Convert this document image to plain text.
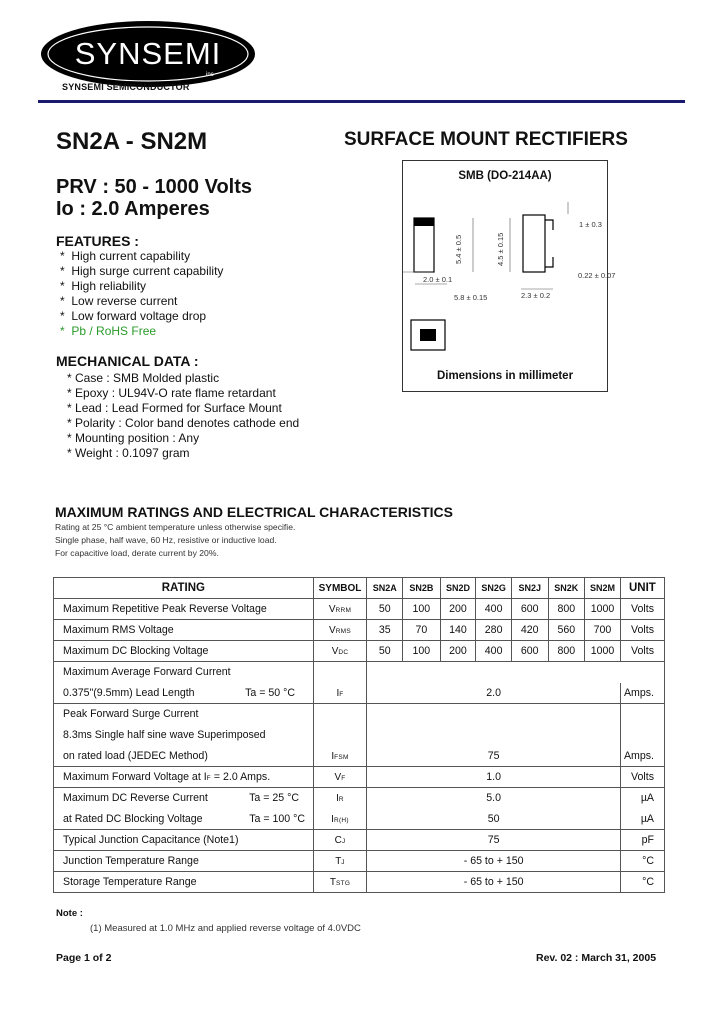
SYNSEMI
inc
SYNSEMI SEMICONDUCTOR
SN2A - SN2M	SURFACE MOUNT RECTIFIERS
PRV : 50 - 1000 Volts
Io : 2.0 Amperes
FEATURES :
*  High current capability
*  High surge current capability
*  High reliability
*  Low reverse current
*  Low forward voltage drop
*  Pb / RoHS Free
MECHANICAL DATA :
* Case : SMB Molded plastic
* Epoxy : UL94V-O rate flame retardant
* Lead : Lead Formed for Surface Mount
* Polarity : Color band denotes cathode end
* Mounting position : Any
* Weight : 0.1097 gram
SMB (DO-214AA)
5.4 ± 0.5	4.5 ± 0.15
1 ± 0.3
0.22 ± 0.07
2.0 ± 0.1
5.8 ± 0.15	2.3 ± 0.2
Dimensions in millimeter
MAXIMUM RATINGS AND ELECTRICAL CHARACTERISTICS
Rating at 25 °C ambient temperature unless otherwise specifie.
Single phase, half wave, 60 Hz, resistive or inductive load.
For capacitive load, derate current by 20%.
RATING	SYMBOL	SN2A	SN2B	SN2D	SN2G	SN2J	SN2K	SN2M	UNIT
Maximum Repetitive Peak Reverse Voltage	VRRM	50	100	200	400	600	800	1000	Volts
Maximum RMS Voltage	VRMS	35	70	140	280	420	560	700	Volts
Maximum DC Blocking Voltage	VDC	50	100	200	400	600	800	1000	Volts
Maximum Average Forward Current									

0.375"(9.5mm) Lead Length Ta = 50 °C	IF	2.0							Amps.
Peak Forward Surge Current									
8.3ms Single half sine wave Superimposed									
on rated load (JEDEC Method)	IFSM	75							Amps.
Maximum Forward Voltage at IF = 2.0 Amps.	VF	1.0							Volts

Maximum DC Reverse Current Ta = 25 °C	IR	5.0							µA

at Rated DC Blocking Voltage Ta = 100 °C	IR(H)	50							µA
Typical Junction Capacitance (Note1)	CJ	75							pF
Junction Temperature Range	TJ	- 65 to + 150							°C
Storage Temperature Range	TSTG	- 65 to + 150							°C
Note :
(1) Measured at 1.0 MHz and applied reverse voltage of 4.0VDC
Page 1 of 2	Rev. 02 : March 31, 2005
